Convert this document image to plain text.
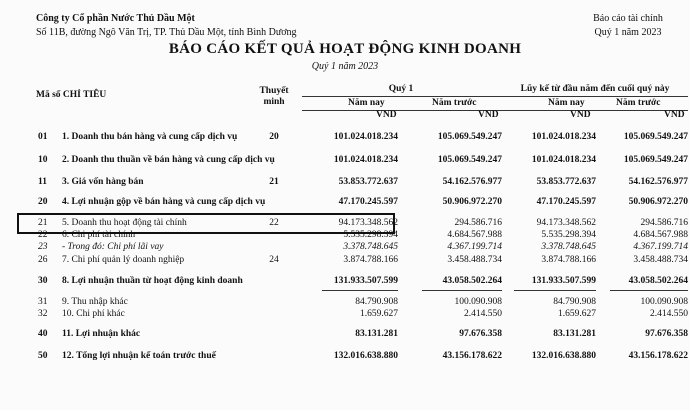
Công ty Cổ phần Nước Thủ Dầu Một
Số 11B, đường Ngô Văn Trị, TP. Thủ Dầu Một, tỉnh Bình Dương
Báo cáo tài chính
Quý 1 năm 2023
BÁO CÁO KẾT QUẢ HOẠT ĐỘNG KINH DOANH
Quý 1 năm 2023
Mã số CHỈ TIÊU	Thuyết minh
Quý 1
Năm nay	Năm trước
VND	VND
Lũy kế từ đầu năm đến cuối quý này
Năm nay	Năm trước
VND	VND
01	1. Doanh thu bán hàng và cung cấp dịch vụ	20	101.024.018.234	105.069.549.247	101.024.018.234	105.069.549.247
10	2. Doanh thu thuần về bán hàng và cung cấp dịch vụ	101.024.018.234	105.069.549.247	101.024.018.234	105.069.549.247
11	3. Giá vốn hàng bán	21	53.853.772.637	54.162.576.977	53.853.772.637	54.162.576.977
20	4. Lợi nhuận gộp về bán hàng và cung cấp dịch vụ	47.170.245.597	50.906.972.270	47.170.245.597	50.906.972.270
21	5. Doanh thu hoạt động tài chính	22	94.173.348.562	294.586.716	94.173.348.562	294.586.716
22	6. Chi phí tài chính	5.535.298.394	4.684.567.988	5.535.298.394	4.684.567.988
23	- Trong đó: Chi phí lãi vay	3.378.748.645	4.367.199.714	3.378.748.645	4.367.199.714
26	7. Chi phí quản lý doanh nghiệp	24	3.874.788.166	3.458.488.734	3.874.788.166	3.458.488.734
30	8. Lợi nhuận thuần từ hoạt động kinh doanh	131.933.507.599	43.058.502.264	131.933.507.599	43.058.502.264
31	9. Thu nhập khác	84.790.908	100.090.908	84.790.908	100.090.908
32	10. Chi phí khác	1.659.627	2.414.550	1.659.627	2.414.550
40	11. Lợi nhuận khác	83.131.281	97.676.358	83.131.281	97.676.358
50	12. Tổng lợi nhuận kế toán trước thuế	132.016.638.880	43.156.178.622	132.016.638.880	43.156.178.622
